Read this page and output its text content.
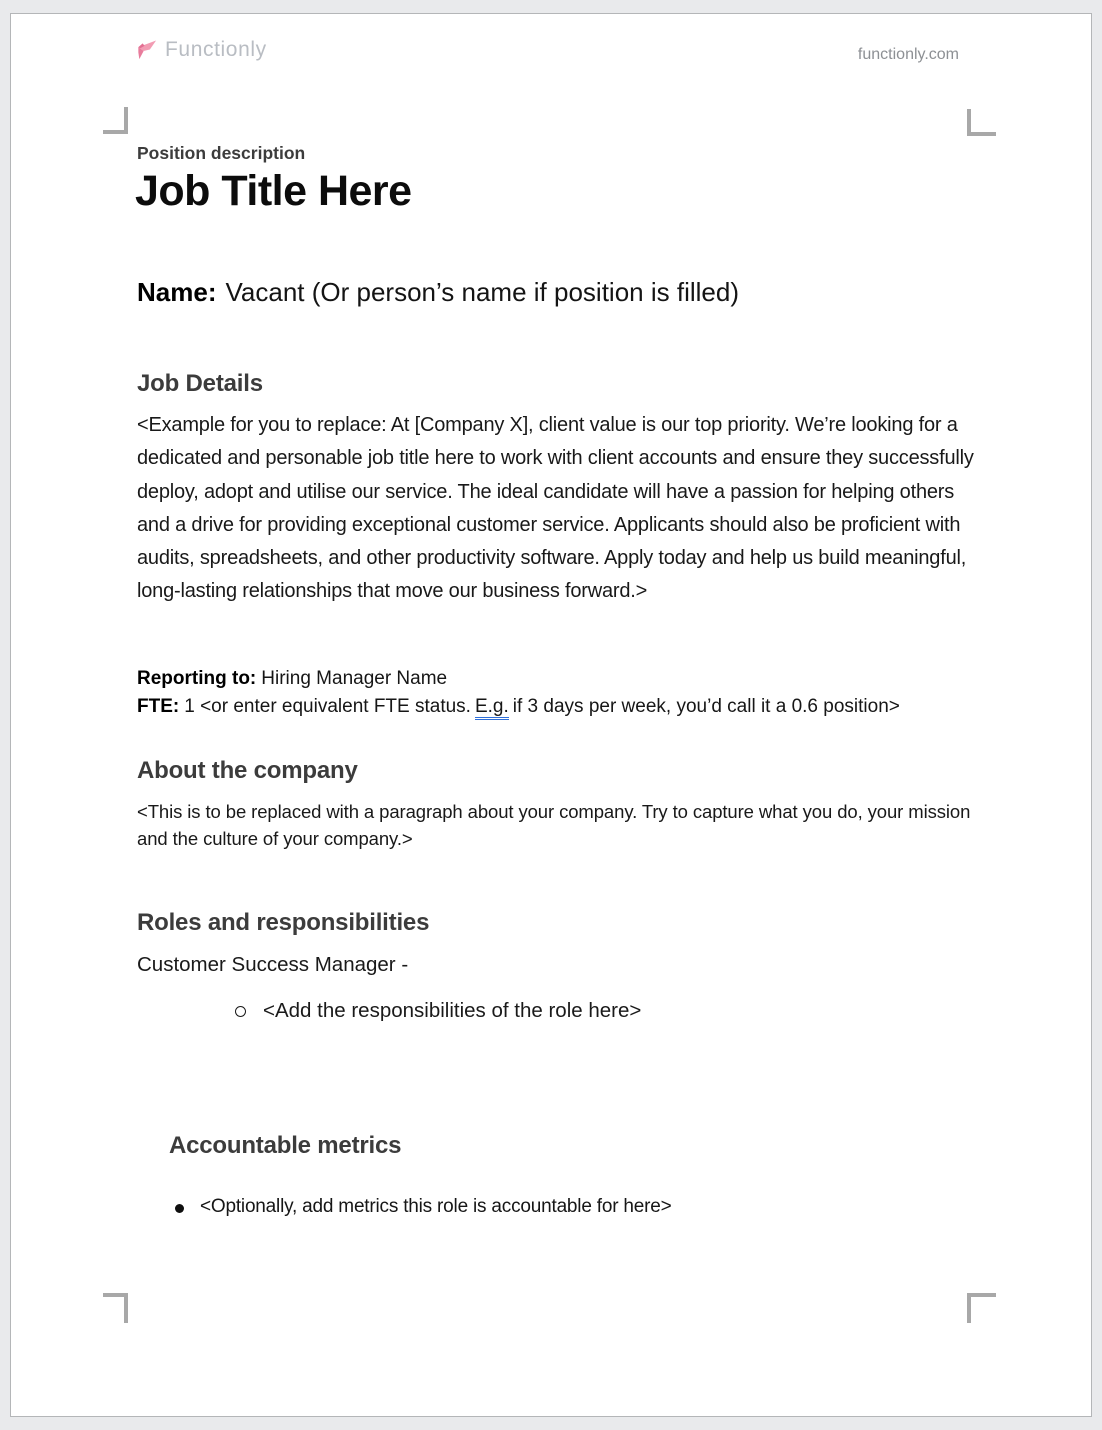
Functionly	functionly.com
Position description
Job Title Here
Name: Vacant (Or person’s name if position is filled)
Job Details

<Example for you to replace: At [Company X], client value is our top priority. We’re looking for a dedicated and personable job title here to work with client accounts and ensure they successfully deploy, adopt and utilise our service. The ideal candidate will have a passion for helping others and a drive for providing exceptional customer service. Applicants should also be proficient with audits, spreadsheets, and other productivity software. Apply today and help us build meaningful, long-lasting relationships that move our business forward.>

Reporting to: Hiring Manager Name
FTE: 1 <or enter equivalent FTE status. E.g. if 3 days per week, you’d call it a 0.6 position>
About the company

<This is to be replaced with a paragraph about your company. Try to capture what you do, your mission and the culture of your company.>

Roles and responsibilities
Customer Success Manager -
<Add the responsibilities of the role here>
Accountable metrics
<Optionally, add metrics this role is accountable for here>
